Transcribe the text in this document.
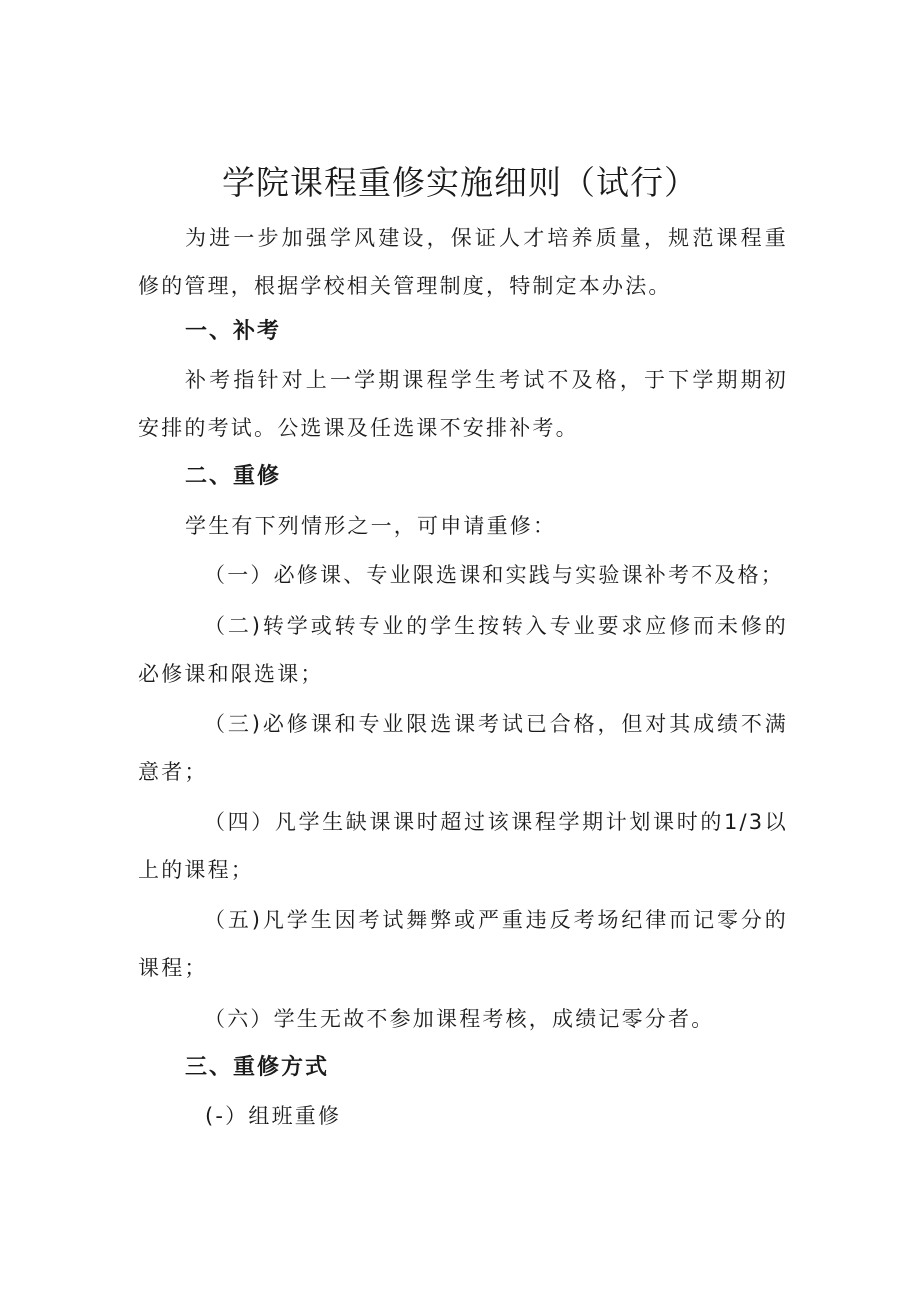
学院课程重修实施细则（试行）

为进一步加强学风建设，保证人才培养质量，规范课程重修的管理，根据学校相关管理制度，特制定本办法。

一、补考

补考指针对上一学期课程学生考试不及格，于下学期期初安排的考试。公选课及任选课不安排补考。

二、重修

学生有下列情形之一，可申请重修：

（一）必修课、专业限选课和实践与实验课补考不及格；

（二)转学或转专业的学生按转入专业要求应修而未修的必修课和限选课；

（三)必修课和专业限选课考试已合格，但对其成绩不满意者；

（四）凡学生缺课课时超过该课程学期计划课时的1/3以上的课程；

（五)凡学生因考试舞弊或严重违反考场纪律而记零分的课程；

（六）学生无故不参加课程考核，成绩记零分者。

三、重修方式

(-）组班重修
